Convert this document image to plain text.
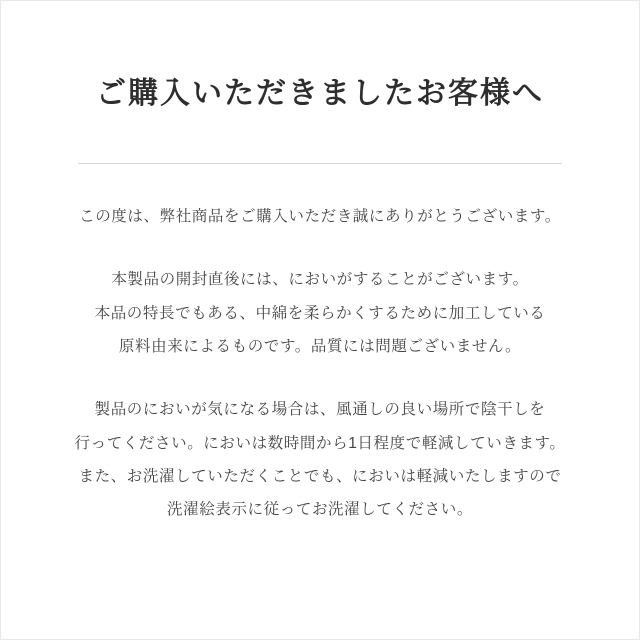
ご購入いただきましたお客様へ

この度は、弊社商品をご購入いただき誠にありがとうございます。

本製品の開封直後には、においがすることがございます。
本品の特長でもある、中綿を柔らかくするために加工している
原料由来によるものです。品質には問題ございません。

製品のにおいが気になる場合は、風通しの良い場所で陰干しを
行ってください。においは数時間から1日程度で軽減していきます。
また、お洗濯していただくことでも、においは軽減いたしますので
洗濯絵表示に従ってお洗濯してください。
